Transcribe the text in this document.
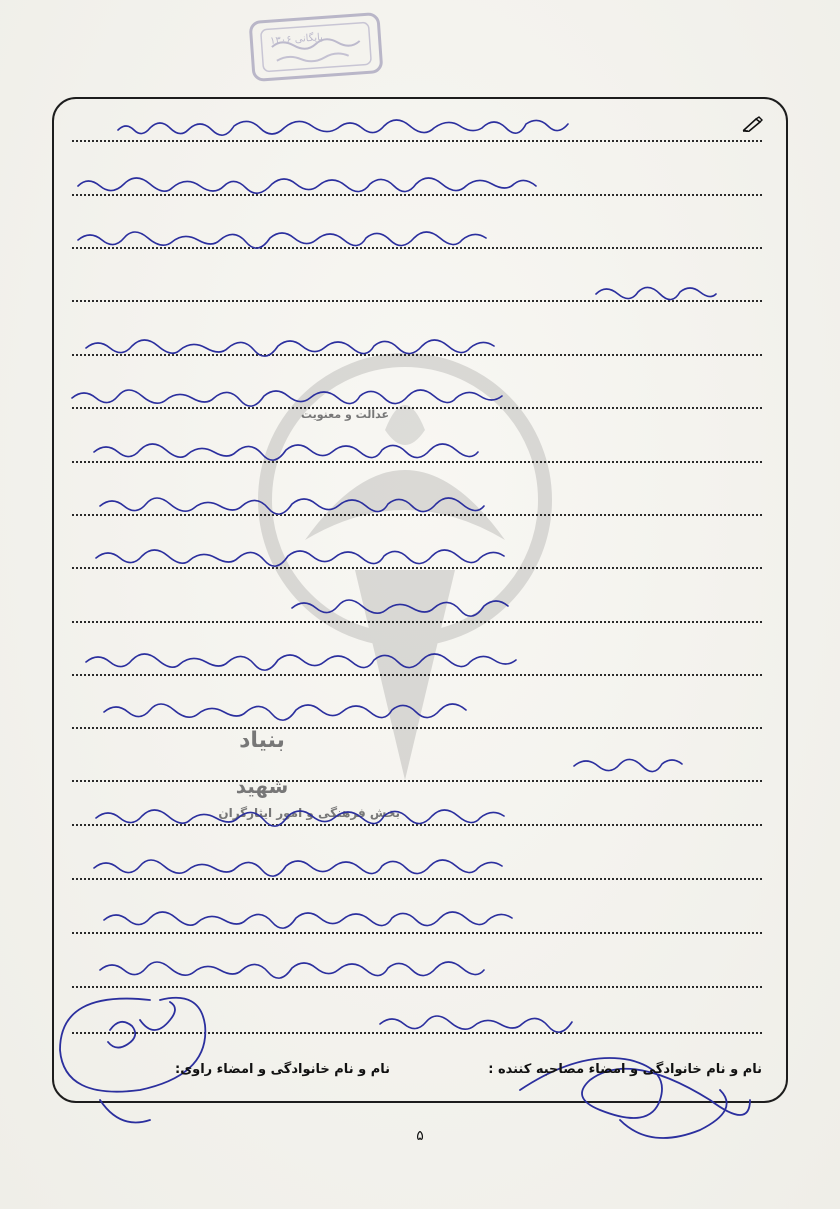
بنیاد
شهید
بخش فرهنگی و امور ایثارگران
عدالت و معنویت
بایگانی ۱۳۰۶
نام و نام خانوادگی و امضاء مصاحبه کننده :
نام و نام خانوادگی و امضاء راوی:
۵
